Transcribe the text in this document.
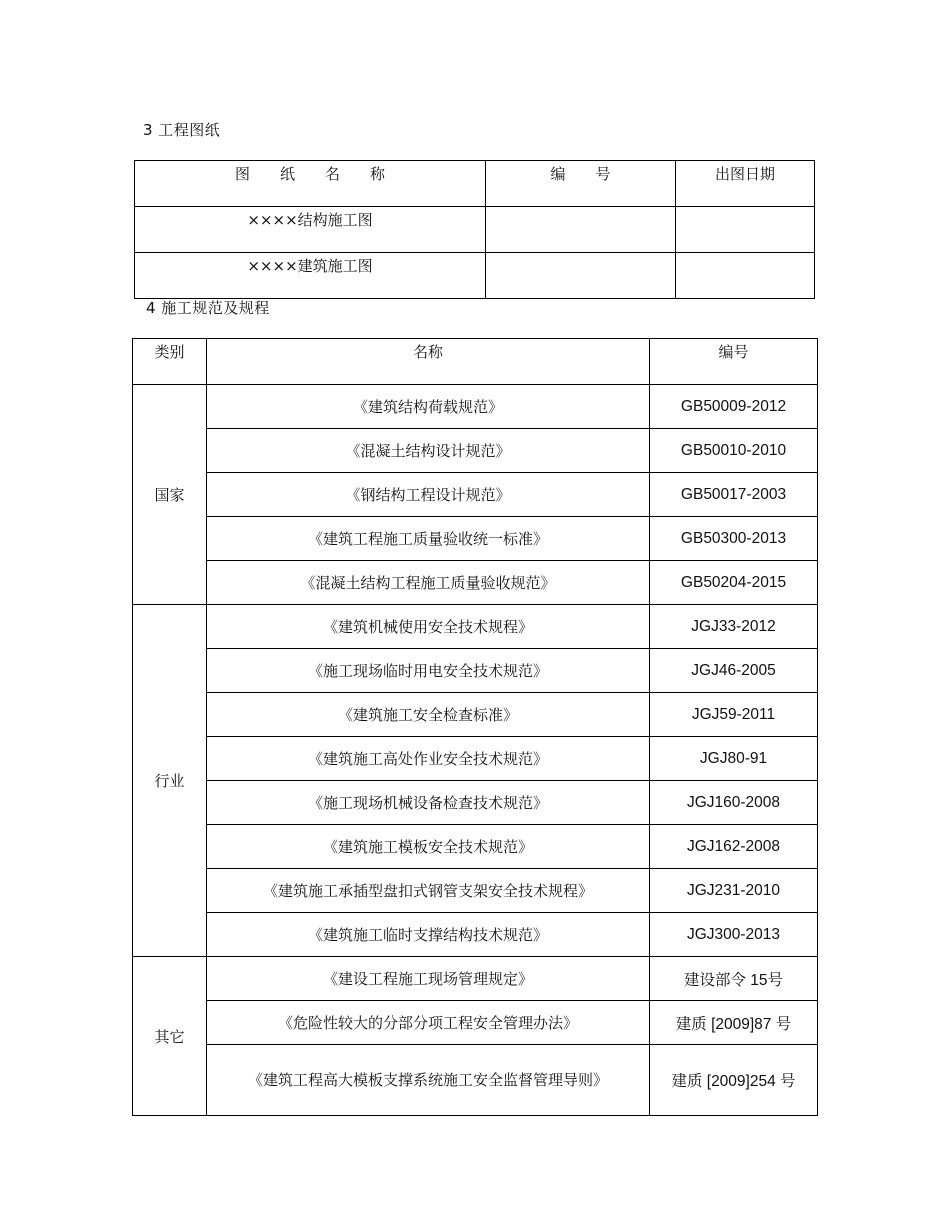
3 工程图纸
图 纸 名 称	编 号	出图日期
××××结构施工图		
××××建筑施工图		
4 施工规范及规程
类别	名称	编号
国家	《建筑结构荷载规范》	GB50009-2012
	《混凝土结构设计规范》	GB50010-2010
	《钢结构工程设计规范》	GB50017-2003
	《建筑工程施工质量验收统一标准》	GB50300-2013
	《混凝土结构工程施工质量验收规范》	GB50204-2015
行业	《建筑机械使用安全技术规程》	JGJ33-2012
	《施工现场临时用电安全技术规范》	JGJ46-2005
	《建筑施工安全检查标准》	JGJ59-2011
	《建筑施工高处作业安全技术规范》	JGJ80-91
	《施工现场机械设备检查技术规范》	JGJ160-2008
	《建筑施工模板安全技术规范》	JGJ162-2008
	《建筑施工承插型盘扣式钢管支架安全技术规程》	JGJ231-2010
	《建筑施工临时支撑结构技术规范》	JGJ300-2013
其它	《建设工程施工现场管理规定》	建设部令 15号
	《危险性较大的分部分项工程安全管理办法》	建质 [2009]87 号
	《建筑工程高大模板支撑系统施工安全监督管理导则》	建质 [2009]254 号
